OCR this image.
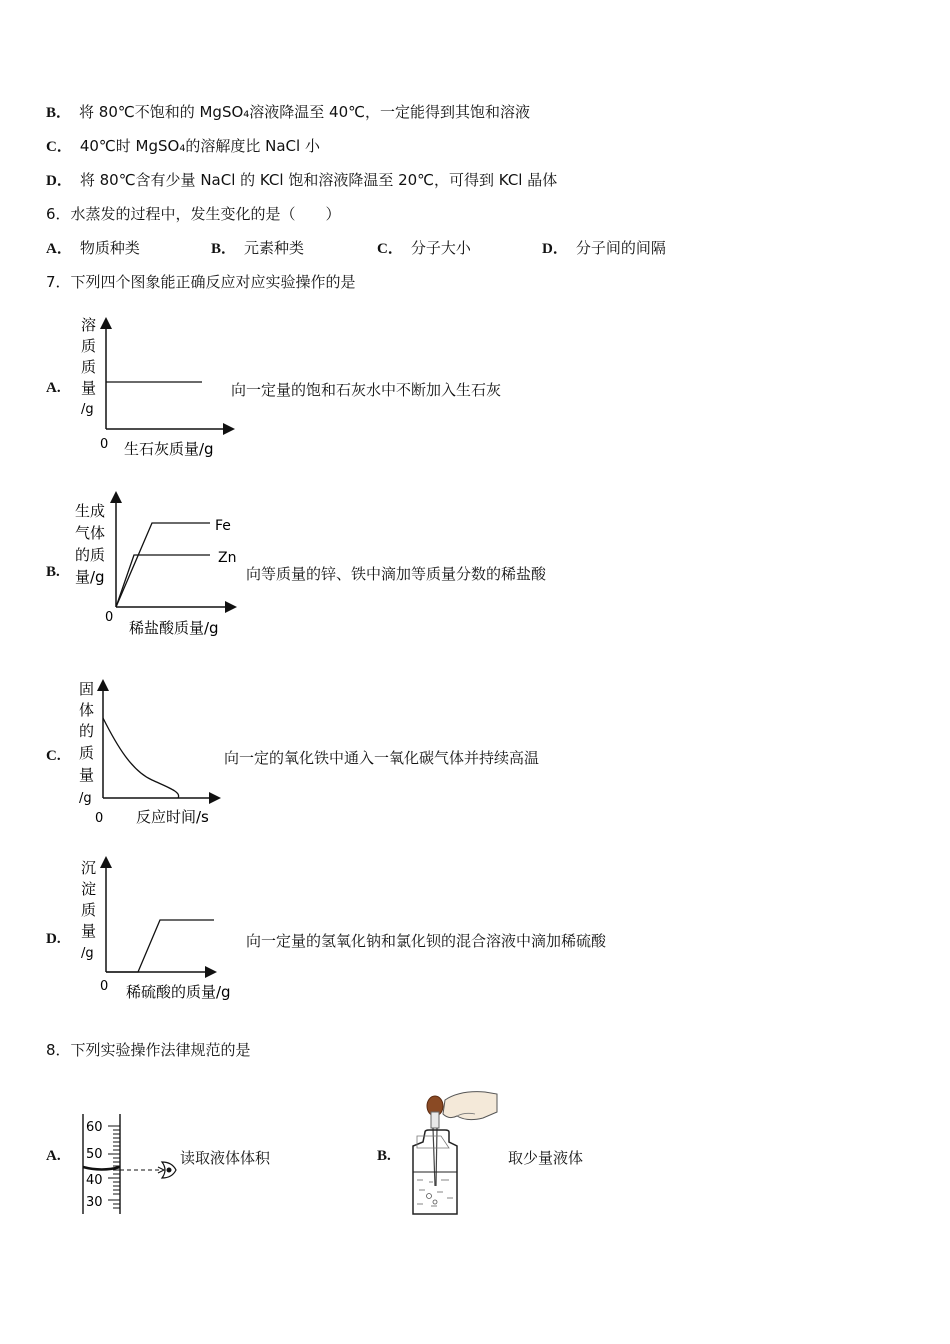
B． 将 80℃不饱和的 MgSO₄溶液降温至 40℃，一定能得到其饱和溶液
C． 40℃时 MgSO₄的溶解度比 NaCl 小
D． 将 80℃含有少量 NaCl 的 KCl 饱和溶液降温至 20℃，可得到 KCl 晶体
6．水蒸发的过程中，发生变化的是（　　）
A． 物质种类	B． 元素种类	C． 分子大小	D． 分子间的间隔
7．下列四个图象能正确反应对应实验操作的是
A.
溶
质
质
量
/g
0 生石灰质量/g
向一定量的饱和石灰水中不断加入生石灰
B.
Fe
Zn
生成
气体
的质
量/g
0
稀盐酸质量/g
向等质量的锌、铁中滴加等质量分数的稀盐酸
C.
固
体
的
质
量
/g
0 反应时间/s
向一定的氧化铁中通入一氧化碳气体并持续高温
D.
沉
淀
质
量
/g
0 稀硫酸的质量/g
向一定量的氢氧化钠和氯化钡的混合溶液中滴加稀硫酸
8．下列实验操作法律规范的是
A.
60
50
40
30
读取液体体积	B.	取少量液体
